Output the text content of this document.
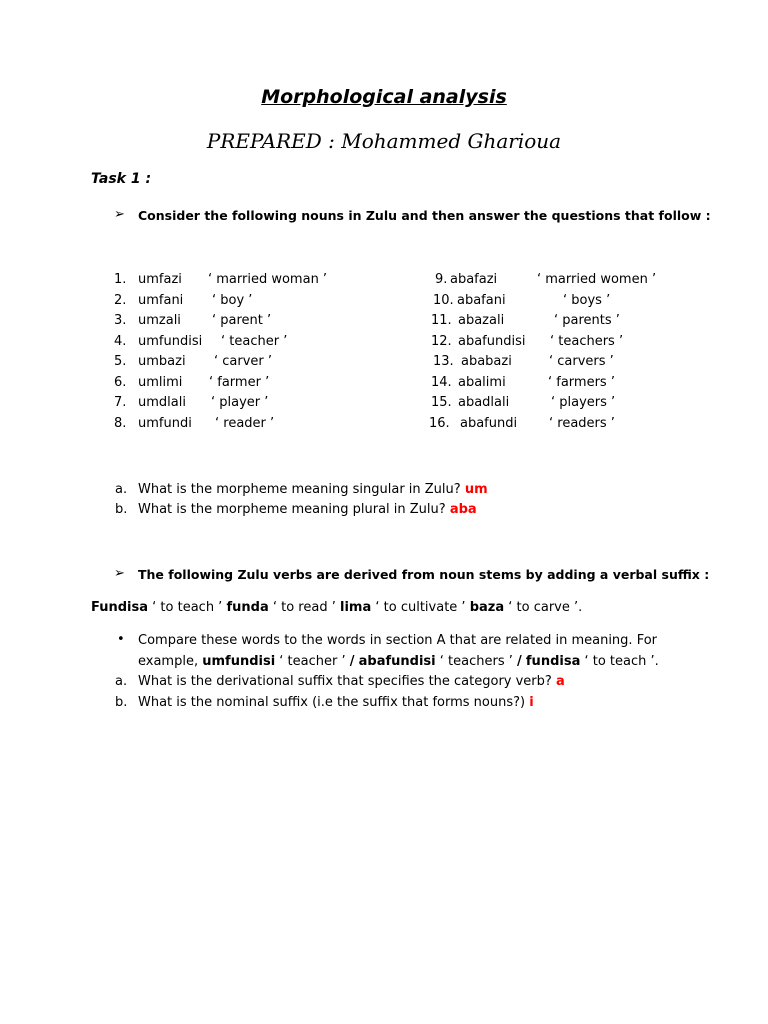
Morphological analysis
PREPARED : Mohammed Gharioua
Task 1 :
➢ Consider the following nouns in Zulu and then answer the questions that follow :
1. umfazi ‘ married woman ’
2. umfani ‘ boy ’
3. umzali ‘ parent ’
4. umfundisi ‘ teacher ’
5. umbazi ‘ carver ’
6. umlimi ‘ farmer ’
7. umdlali ‘ player ’
8. umfundi ‘ reader ’
9. abafazi	‘ married women ’
10. abafani	‘ boys ’
11. abazali	‘ parents ’
12. abafundisi ‘ teachers ’
13. ababazi	‘ carvers ’
14. abalimi	‘ farmers ’
15. abadlali	‘ players ’
16. abafundi ‘ readers ’
a. What is the morpheme meaning singular in Zulu? um
b. What is the morpheme meaning plural in Zulu? aba
➢ The following Zulu verbs are derived from noun stems by adding a verbal suffix :
Fundisa ‘ to teach ’ funda ‘ to read ’ lima ‘ to cultivate ’ baza ‘ to carve ’.
• Compare these words to the words in section A that are related in meaning. For
example, umfundisi ‘ teacher ’ / abafundisi ‘ teachers ’ / fundisa ‘ to teach ’.
a. What is the derivational suffix that specifies the category verb? a
b. What is the nominal suffix (i.e the suffix that forms nouns?) i
